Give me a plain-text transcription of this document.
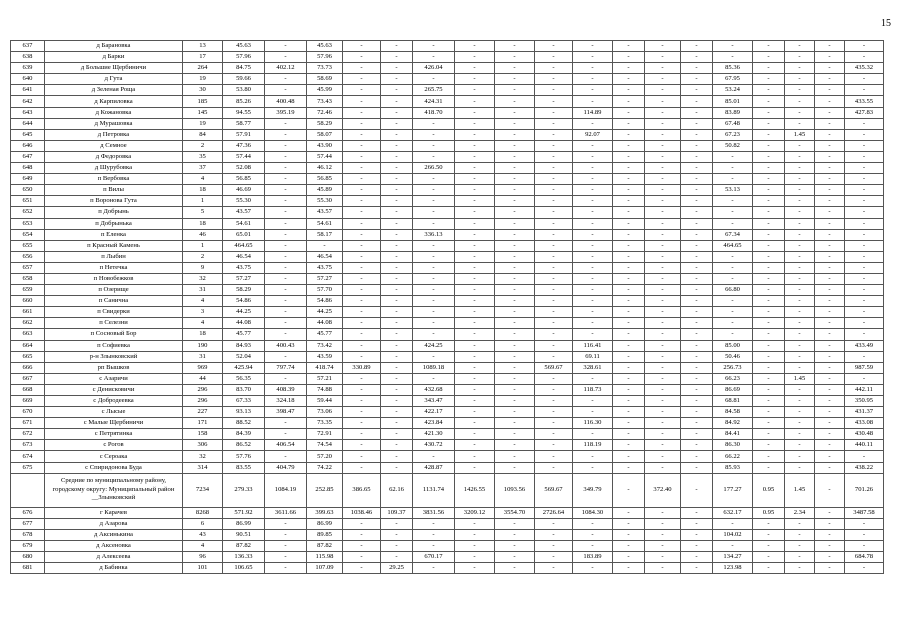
15
637	д Барановка	13	45.63	-	45.63	-	-	-	-	-	-	-	-	-	-	-	-	-	-	-
638	д Барки	17	57.96	-	57.96	-	-	-	-	-	-	-	-	-	-	-	-	-	-	-
639	д Большие Щербиничи	264	84.75	402.12	73.73	-	-	426.04	-	-	-	-	-	-	-	85.36	-	-	-	435.32
640	д Гута	19	59.66	-	58.69	-	-	-	-	-	-	-	-	-	-	67.95	-	-	-	-
641	д Зеленая Роща	30	53.80	-	45.99	-	-	265.75	-	-	-	-	-	-	-	53.24	-	-	-	-
642	д Карпиловка	185	85.26	400.48	73.43	-	-	424.31	-	-	-	-	-	-	-	85.01	-	-	-	433.55
643	д Кожановка	145	94.55	395.19	72.46	-	-	418.70	-	-	-	114.89	-	-	-	83.89	-	-	-	427.83
644	д Мурашовка	19	58.77	-	58.29	-	-	-	-	-	-	-	-	-	-	67.48	-	-	-	-
645	д Петровка	84	57.91	-	58.07	-	-	-	-	-	-	92.07	-	-	-	67.23	-	1.45	-	-
646	д Семное	2	47.36	-	43.90	-	-	-	-	-	-	-	-	-	-	50.82	-	-	-	-
647	д Федоровка	35	57.44	-	57.44	-	-	-	-	-	-	-	-	-	-	-	-	-	-	-
648	д Шурубовка	37	52.08	-	46.12	-	-	266.50	-	-	-	-	-	-	-	-	-	-	-	-
649	п Вербовка	4	56.85	-	56.85	-	-	-	-	-	-	-	-	-	-	-	-	-	-	-
650	п Вилы	18	46.69	-	45.89	-	-	-	-	-	-	-	-	-	-	53.13	-	-	-	-
651	п Воронова Гута	1	55.30	-	55.30	-	-	-	-	-	-	-	-	-	-	-	-	-	-	-
652	п Добрынь	5	43.57	-	43.57	-	-	-	-	-	-	-	-	-	-	-	-	-	-	-
653	п Добрынька	18	54.61	-	54.61	-	-	-	-	-	-	-	-	-	-	-	-	-	-	-
654	п Еленка	46	65.01	-	58.17	-	-	336.13	-	-	-	-	-	-	-	67.34	-	-	-	-
655	п Красный Камень	1	464.65	-	-	-	-	-	-	-	-	-	-	-	-	464.65	-	-	-	-
656	п Лыбин	2	46.54	-	46.54	-	-	-	-	-	-	-	-	-	-	-	-	-	-	-
657	п Нетечка	9	43.75	-	43.75	-	-	-	-	-	-	-	-	-	-	-	-	-	-	-
658	п Новобежков	32	57.27	-	57.27	-	-	-	-	-	-	-	-	-	-	-	-	-	-	-
659	п Озерище	31	58.29	-	57.70	-	-	-	-	-	-	-	-	-	-	66.80	-	-	-	-
660	п Санична	4	54.86	-	54.86	-	-	-	-	-	-	-	-	-	-	-	-	-	-	-
661	п Свидерки	3	44.25	-	44.25	-	-	-	-	-	-	-	-	-	-	-	-	-	-	-
662	п Селезни	4	44.08	-	44.08	-	-	-	-	-	-	-	-	-	-	-	-	-	-	-
663	п Сосновый Бор	18	45.77	-	45.77	-	-	-	-	-	-	-	-	-	-	-	-	-	-	-
664	п Софиевка	190	84.93	400.43	73.42	-	-	424.25	-	-	-	116.41	-	-	-	85.00	-	-	-	433.49
665	р-н Злынковский	31	52.04	-	43.59	-	-	-	-	-	-	69.11	-	-	-	50.46	-	-	-	-
666	рп Вышков	969	425.94	797.74	418.74	330.89	-	1089.18	-	-	569.67	328.61	-	-	-	256.73	-	-	-	987.59
667	с Азаричи	44	56.35	-	57.21	-	-	-	-	-	-	-	-	-	-	66.23	-	1.45	-	-
668	с Денисковичи	296	83.70	408.39	74.88	-	-	432.68	-	-	-	118.73	-	-	-	86.69	-	-	-	442.11
669	с Добродеевка	296	67.33	324.18	59.44	-	-	343.47	-	-	-	-	-	-	-	68.81	-	-	-	350.95
670	с Лысые	227	93.13	398.47	73.06	-	-	422.17	-	-	-	-	-	-	-	84.58	-	-	-	431.37
671	с Малые Щербиничи	171	88.52	-	73.35	-	-	423.84	-	-	-	116.30	-	-	-	84.92	-	-	-	433.08
672	с Петрятинка	158	84.39	-	72.91	-	-	421.30	-	-	-	-	-	-	-	84.41	-	-	-	430.48
673	с Рогов	306	86.52	406.54	74.54	-	-	430.72	-	-	-	118.19	-	-	-	86.30	-	-	-	440.11
674	с Сероака	32	57.76	-	57.20	-	-	-	-	-	-	-	-	-	-	66.22	-	-	-	-
675	с Спиридонова Буда	314	83.55	404.79	74.22	-	-	428.87	-	-	-	-	-	-	-	85.93	-	-	-	438.22
	Средние по муниципальному району, городскому округу: Муниципальный район __Злынковский	7234	279.33	1084.19	252.85	386.65	62.16	1131.74	1426.55	1093.56	569.67	349.79	-	372.40	-	177.27	0.95	1.45	-	701.26
676	г Карачев	8268	571.92	3611.66	399.63	1038.46	109.37	3831.56	3209.12	3554.70	2726.64	1084.30	-	-	-	632.17	0.95	2.34	-	3487.58
677	д Азарова	6	86.99	-	86.99	-	-	-	-	-	-	-	-	-	-	-	-	-	-	-
678	д Аксинькина	43	90.51	-	89.85	-	-	-	-	-	-	-	-	-	-	104.02	-	-	-	-
679	д Аксеновка	4	87.82	-	87.82	-	-	-	-	-	-	-	-	-	-	-	-	-	-	-
680	д Алексеева	96	136.33	-	115.98	-	-	670.17	-	-	-	183.89	-	-	-	134.27	-	-	-	684.78
681	д Бабинка	101	106.65	-	107.09	-	29.25	-	-	-	-	-	-	-	-	123.98	-	-	-	-
